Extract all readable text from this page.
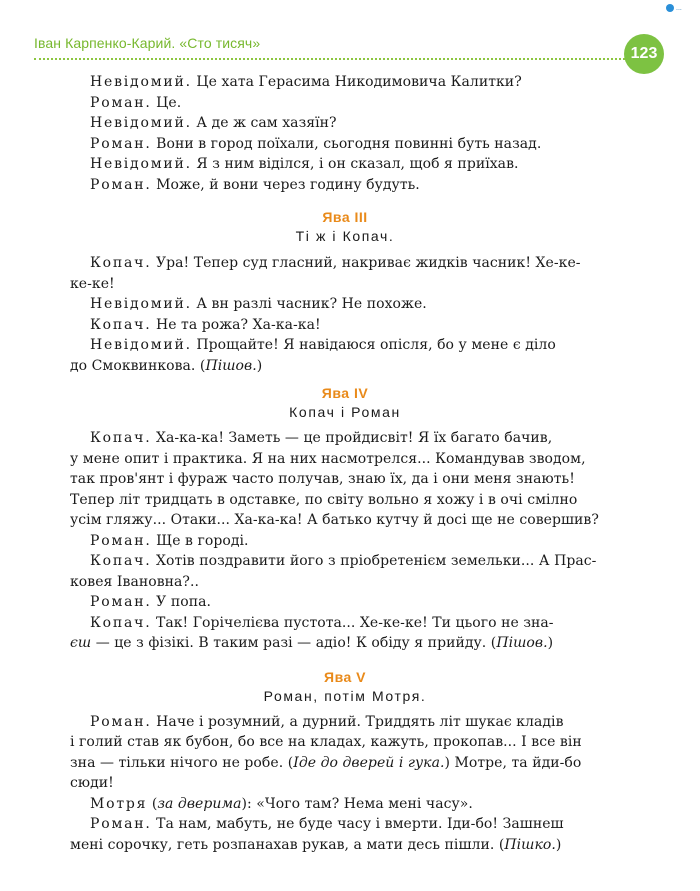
Іван Карпенко-Карий. «Сто тисяч»
123
...
Невідомий. Це хата Герасима Никодимовича Калитки?
Роман. Це.
Невідомий. А де ж сам хазяїн?
Роман. Вони в город поїхали, сьогодня повинні буть назад.
Невідомий. Я з ним віділся, і он сказал, щоб я приїхав.
Роман. Може, й вони через годину будуть.
Ява III
Ті ж і Копач.
Копач. Ура! Тепер суд гласний, накриває жидків часник! Хе-ке-
ке-ке!
Невідомий. А вн разлі часник? Не похоже.
Копач. Не та рожа? Ха-ка-ка!
Невідомий. Прощайте! Я навідаюся опісля, бо у мене є діло
до Смоквинкова. (Пішов.)
Ява IV
Копач і Роман
Копач. Ха-ка-ка! Заметь — це пройдисвіт! Я їх багато бачив,
у мене опит і практика. Я на них насмотрелся... Командував зводом,
так пров'янт і фураж часто получав, знаю їх, да і они меня знають!
Тепер літ тридцать в одставке, по світу вольно я хожу і в очі смілно
усім гляжу... Отаки... Ха-ка-ка! А батько кутчу й досі ще не совершив?
Роман. Ще в городі.
Копач. Хотів поздравити його з пріобретенієм земельки... А Прас-
ковея Івановна?..
Роман. У попа.
Копач. Так! Горічелієва пустота... Хе-ке-ке! Ти цього не зна-
єш — це з фізікі. В таким разі — адіо! К обіду я прийду. (Пішов.)
Ява V
Роман, потім Мотря.
Роман. Наче і розумний, а дурний. Триддять літ шукає кладів
і голий став як бубон, бо все на кладах, кажуть, прокопав... І все він
зна — тільки нічого не робе. (Іде до дверей і гука.) Мотре, та йди-бо
сюди!
Мотря (за дверима): «Чого там? Нема мені часу».
Роман. Та нам, мабуть, не буде часу і вмерти. Іди-бо! Зашнеш
мені сорочку, геть розпанахав рукав, а мати десь пішли. (Пішко.)
